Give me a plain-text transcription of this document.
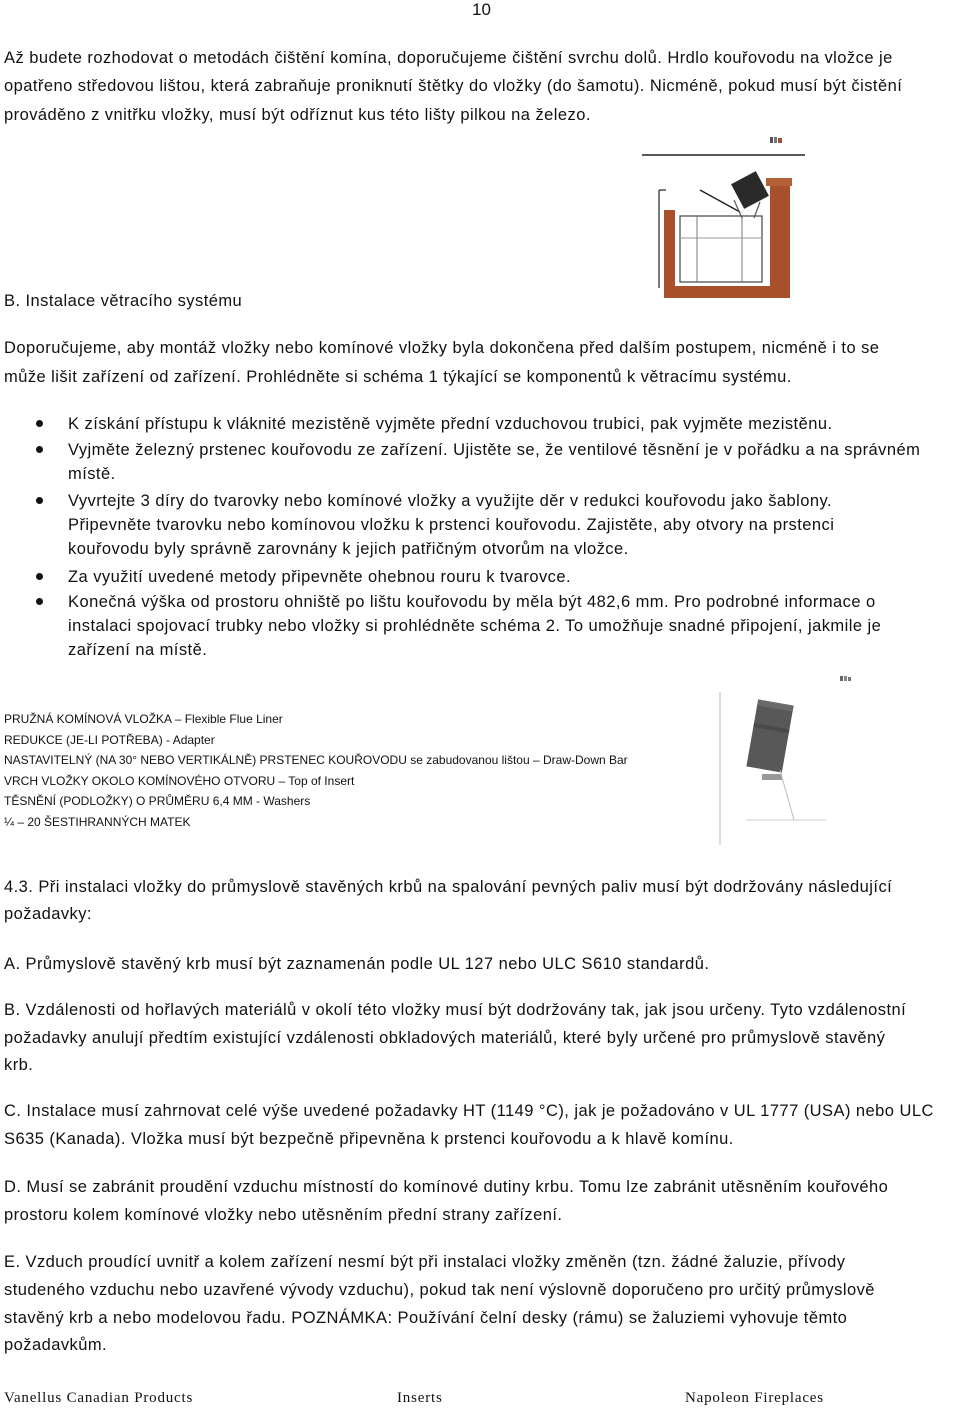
10
Až budete rozhodovat o metodách čištění komína, doporučujeme čištění svrchu dolů. Hrdlo kouřovodu na vložce je
opatřeno středovou lištou, která zabraňuje proniknutí štětky do vložky (do šamotu). Nicméně, pokud musí být čistění
prováděno z vnitřku vložky, musí být odříznut kus této lišty pilkou na železo.
B. Instalace větracího systému
Doporučujeme, aby montáž vložky nebo komínové vložky byla dokončena před dalším postupem, nicméně i to se
může lišit zařízení od zařízení. Prohlédněte si schéma 1 týkající se komponentů k větracímu systému.
K získání přístupu k vláknité mezistěně vyjměte přední vzduchovou trubici, pak vyjměte mezistěnu.
Vyjměte železný prstenec kouřovodu ze zařízení. Ujistěte se, že ventilové těsnění je v pořádku a na správném
místě.
Vyvrtejte 3 díry do tvarovky nebo komínové vložky a využijte děr v redukci kouřovodu jako šablony.
Připevněte tvarovku nebo komínovou vložku k prstenci kouřovodu. Zajistěte, aby otvory na prstenci
kouřovodu byly správně zarovnány k jejich patřičným otvorům na vložce.
Za využití uvedené metody připevněte ohebnou rouru k tvarovce.
Konečná výška od prostoru ohniště po lištu kouřovodu by měla být 482,6 mm. Pro podrobné informace o
instalaci spojovací trubky nebo vložky si prohlédněte schéma 2. To umožňuje snadné připojení, jakmile je
zařízení na místě.
PRUŽNÁ KOMÍNOVÁ VLOŽKA – Flexible Flue Liner
REDUKCE (JE-LI POTŘEBA) - Adapter
NASTAVITELNÝ (NA 30° NEBO VERTIKÁLNĚ) PRSTENEC KOUŘOVODU se zabudovanou lištou – Draw-Down Bar
VRCH VLOŽKY OKOLO KOMÍNOVÉHO OTVORU – Top of Insert
TĚSNĚNÍ (PODLOŽKY) O PRŮMĚRU 6,4 MM - Washers
¼ – 20 ŠESTIHRANNÝCH MATEK
4.3. Při instalaci vložky do průmyslově stavěných krbů na spalování pevných paliv musí být dodržovány následující
požadavky:
A. Průmyslově stavěný krb musí být zaznamenán podle UL 127 nebo ULC S610 standardů.
B. Vzdálenosti od hořlavých materiálů v okolí této vložky musí být dodržovány tak, jak jsou určeny. Tyto vzdálenostní
požadavky anulují předtím existující vzdálenosti obkladových materiálů, které byly určené pro průmyslově stavěný
krb.
C. Instalace musí zahrnovat celé výše uvedené požadavky HT (1149 °C), jak je požadováno v UL 1777 (USA) nebo ULC
S635 (Kanada). Vložka musí být bezpečně připevněna k prstenci kouřovodu a k hlavě komínu.
D. Musí se zabránit proudění vzduchu místností do komínové dutiny krbu. Tomu lze zabránit utěsněním kouřového
prostoru kolem komínové vložky nebo utěsněním přední strany zařízení.
E. Vzduch proudící uvnitř a kolem zařízení nesmí být při instalaci vložky změněn (tzn. žádné žaluzie, přívody
studeného vzduchu nebo uzavřené vývody vzduchu), pokud tak není výslovně doporučeno pro určitý průmyslově
stavěný krb a nebo modelovou řadu. POZNÁMKA: Používání čelní desky (rámu) se žaluziemi vyhovuje těmto
požadavkům.
Vanellus Canadian Products	Inserts	Napoleon Fireplaces
